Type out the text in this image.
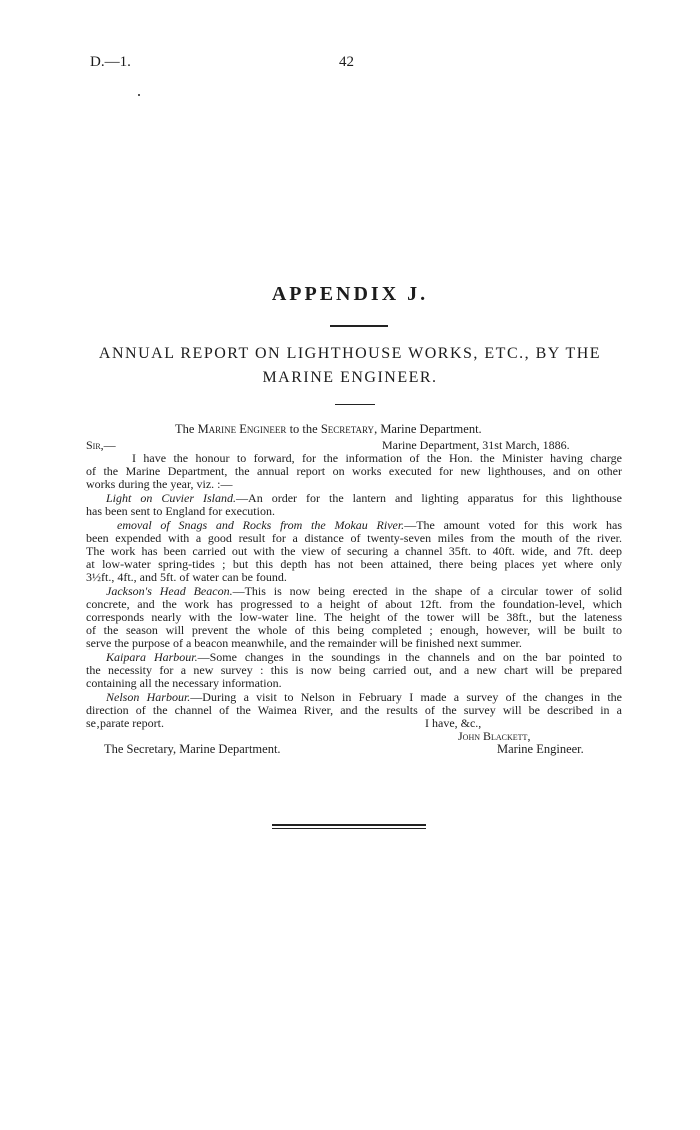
D.—1.	42
APPENDIX J.
ANNUAL REPORT ON LIGHTHOUSE WORKS, ETC., BY THE
MARINE ENGINEER.
The Marine Engineer to the Secretary, Marine Department.
Sir,—	Marine Department, 31st March, 1886.
I have the honour to forward, for the information of the Hon. the Minister having charge
of the Marine Department, the annual report on works executed for new lighthouses, and on other
works during the year, viz. :—
Light on Cuvier Island.—An order for the lantern and lighting apparatus for this lighthouse
has been sent to England for execution.
emoval of Snags and Rocks from the Mokau River.—The amount voted for this work has
been expended with a good result for a distance of twenty-seven miles from the mouth of the river.
The work has been carried out with the view of securing a channel 35ft. to 40ft. wide, and 7ft. deep
at low-water spring-tides ; but this depth has not been attained, there being places yet where only
3½ft., 4ft., and 5ft. of water can be found.
Jackson's Head Beacon.—This is now being erected in the shape of a circular tower of solid
concrete, and the work has progressed to a height of about 12ft. from the foundation-level, which
corresponds nearly with the low-water line. The height of the tower will be 38ft., but the lateness
of the season will prevent the whole of this being completed ; enough, however, will be built to
serve the purpose of a beacon meanwhile, and the remainder will be finished next summer.
Kaipara Harbour.—Some changes in the soundings in the channels and on the bar pointed to
the necessity for a new survey : this is now being carried out, and a new chart will be prepared
containing all the necessary information.
Nelson Harbour.—During a visit to Nelson in February I made a survey of the changes in the
direction of the channel of the Waimea River, and the results of the survey will be described in a
se‚parate report.	I have, &c.,
John Blackett,
The Secretary, Marine Department.	Marine Engineer.
